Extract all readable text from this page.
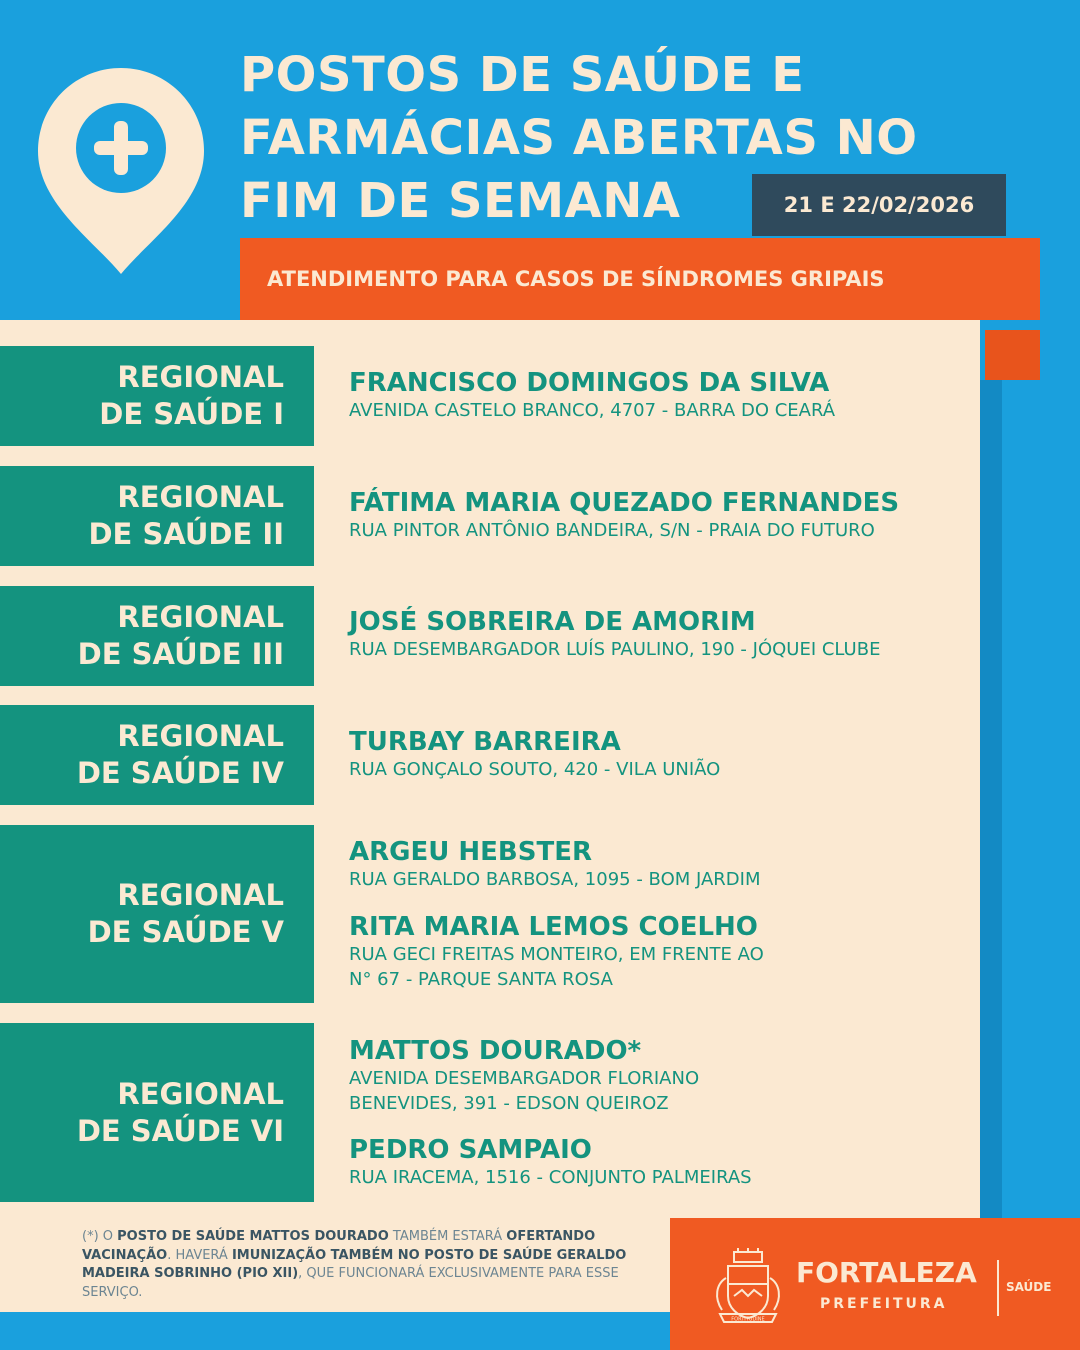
POSTOS DE SAÚDE E
FARMÁCIAS ABERTAS NO
FIM DE SEMANA	21 E 22/02/2026
ATENDIMENTO PARA CASOS DE SÍNDROMES GRIPAIS
REGIONAL
DE SAÚDE I
FRANCISCO DOMINGOS DA SILVA
AVENIDA CASTELO BRANCO, 4707 - BARRA DO CEARÁ
REGIONAL
DE SAÚDE II
FÁTIMA MARIA QUEZADO FERNANDES
RUA PINTOR ANTÔNIO BANDEIRA, S/N - PRAIA DO FUTURO
REGIONAL
DE SAÚDE III
JOSÉ SOBREIRA DE AMORIM
RUA DESEMBARGADOR LUÍS PAULINO, 190 - JÓQUEI CLUBE
REGIONAL
DE SAÚDE IV
TURBAY BARREIRA
RUA GONÇALO SOUTO, 420 - VILA UNIÃO
REGIONAL
DE SAÚDE V
ARGEU HEBSTER
RUA GERALDO BARBOSA, 1095 - BOM JARDIM
RITA MARIA LEMOS COELHO
RUA GECI FREITAS MONTEIRO, EM FRENTE AO
N° 67 - PARQUE SANTA ROSA
REGIONAL
DE SAÚDE VI
MATTOS DOURADO*
AVENIDA DESEMBARGADOR FLORIANO
BENEVIDES, 391 - EDSON QUEIROZ
PEDRO SAMPAIO
RUA IRACEMA, 1516 - CONJUNTO PALMEIRAS
(*) O POSTO DE SAÚDE MATTOS DOURADO TAMBÉM ESTARÁ OFERTANDO VACINAÇÃO. HAVERÁ IMUNIZAÇÃO TAMBÉM NO POSTO DE SAÚDE GERALDO MADEIRA SOBRINHO (PIO XII), QUE FUNCIONARÁ EXCLUSIVAMENTE PARA ESSE SERVIÇO.
FORTITUDINE
FORTALEZA
PREFEITURA
SAÚDE
